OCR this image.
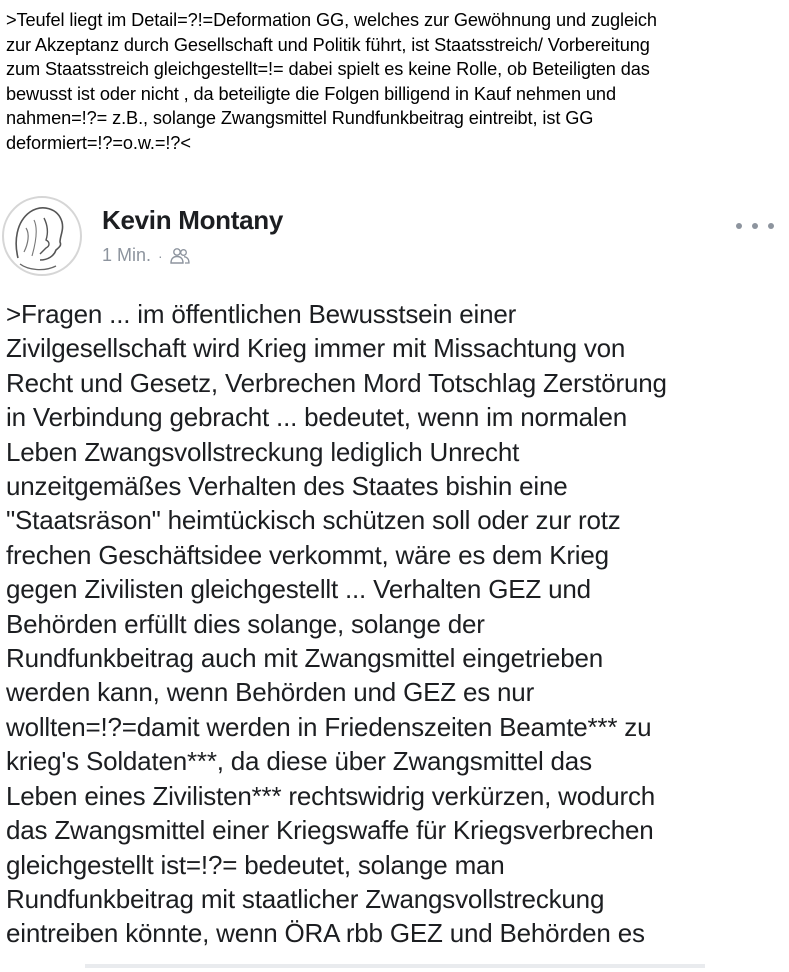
>Teufel liegt im Detail=?!=Deformation GG, welches zur Gewöhnung und zugleich
zur Akzeptanz durch Gesellschaft und Politik führt, ist Staatsstreich/ Vorbereitung
zum Staatsstreich gleichgestellt=!= dabei spielt es keine Rolle, ob Beteiligten das
bewusst ist oder nicht , da beteiligte die Folgen billigend in Kauf nehmen und
nahmen=!?= z.B., solange Zwangsmittel Rundfunkbeitrag eintreibt, ist GG
deformiert=!?=o.w.=!?<
Kevin Montany
1 Min. ·
>Fragen ... im öffentlichen Bewusstsein einer
Zivilgesellschaft wird Krieg immer mit Missachtung von
Recht und Gesetz, Verbrechen Mord Totschlag Zerstörung
in Verbindung gebracht ... bedeutet, wenn im normalen
Leben Zwangsvollstreckung lediglich Unrecht
unzeitgemäßes Verhalten des Staates bishin eine
"Staatsräson" heimtückisch schützen soll oder zur rotz
frechen Geschäftsidee verkommt, wäre es dem Krieg
gegen Zivilisten gleichgestellt ... Verhalten GEZ und
Behörden erfüllt dies solange, solange der
Rundfunkbeitrag auch mit Zwangsmittel eingetrieben
werden kann, wenn Behörden und GEZ es nur
wollten=!?=damit werden in Friedenszeiten Beamte*** zu
krieg's Soldaten***, da diese über Zwangsmittel das
Leben eines Zivilisten*** rechtswidrig verkürzen, wodurch
das Zwangsmittel einer Kriegswaffe für Kriegsverbrechen
gleichgestellt ist=!?= bedeutet, solange man
Rundfunkbeitrag mit staatlicher Zwangsvollstreckung
eintreiben könnte, wenn ÖRA rbb GEZ und Behörden es
